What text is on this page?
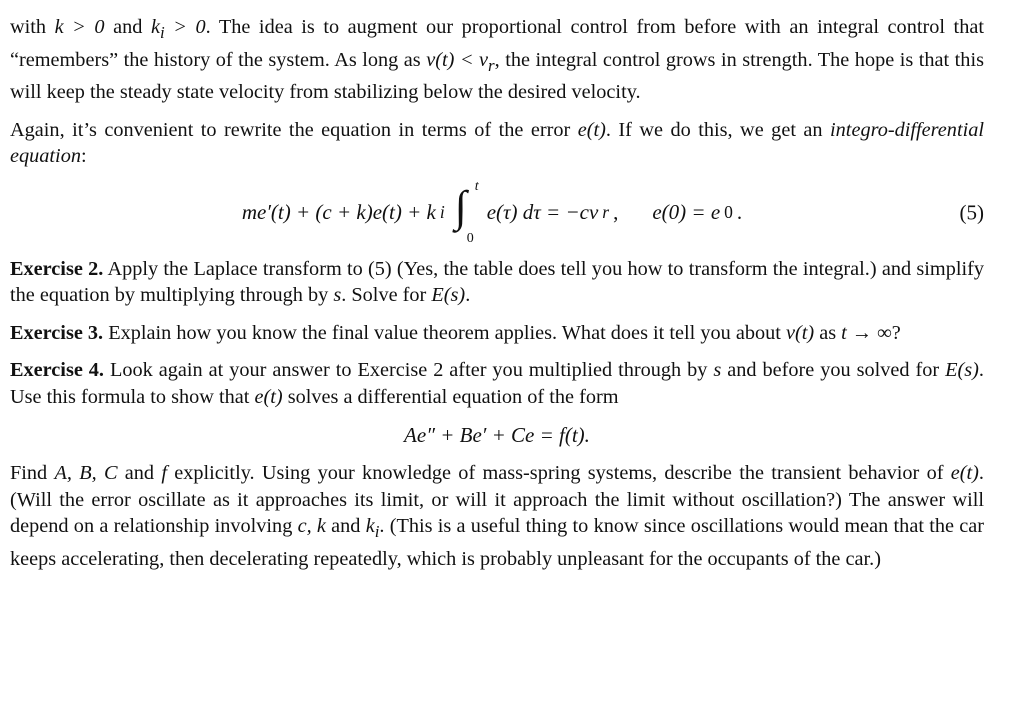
with k > 0 and $k_i > 0$. The idea is to augment our proportional control from before with an integral control that “remembers” the history of the system. As long as $v(t) < v_r$, the integral control grows in strength. The hope is that this will keep the steady state velocity from stabilizing below the desired velocity.

Again, it’s convenient to rewrite the equation in terms of the error e(t). If we do this, we get an integro-differential equation:

me′(t) + (c + k)e(t) + k i ∫ t
0
e(τ) dτ = −cv r , e(0) = e 0 .	(5)

Exercise 2. Apply the Laplace transform to (5) (Yes, the table does tell you how to transform the integral.) and simplify the equation by multiplying through by s. Solve for E(s).

Exercise 3. Explain how you know the final value theorem applies. What does it tell you about v(t) as t → ∞?

Exercise 4. Look again at your answer to Exercise 2 after you multiplied through by s and before you solved for E(s). Use this formula to show that e(t) solves a differential equation of the form

Ae″ + Be′ + Ce = f(t).

Find A, B, C and f explicitly. Using your knowledge of mass-spring systems, describe the transient behavior of e(t). (Will the error oscillate as it approaches its limit, or will it approach the limit without oscillation?) The answer will depend on a relationship involving c, k and $k_i$. (This is a useful thing to know since oscillations would mean that the car keeps accelerating, then decelerating repeatedly, which is probably unpleasant for the occupants of the car.)
